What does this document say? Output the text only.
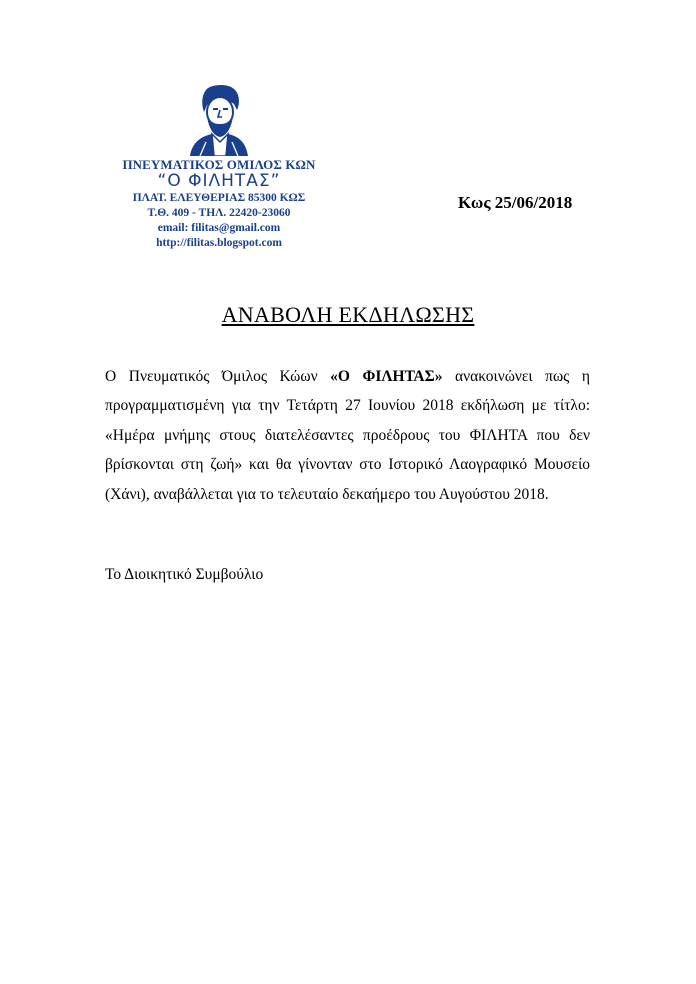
ΠΝΕΥΜΑΤΙΚΟΣ ΟΜΙΛΟΣ ΚΩΝ
“Ο ΦΙΛΗΤΑΣ”
ΠΛΑΤ. ΕΛΕΥΘΕΡΙΑΣ 85300 ΚΩΣ
Τ.Θ. 409 - ΤΗΛ. 22420-23060
email: filitas@gmail.com
http://filitas.blogspot.com
Κως 25/06/2018
ΑΝΑΒΟΛΗ ΕΚΔΗΛΩΣΗΣ
Ο Πνευματικός Όμιλος Κώων «Ο ΦΙΛΗΤΑΣ» ανακοινώνει πως η προγραμματισμένη για την Τετάρτη 27 Ιουνίου 2018 εκδήλωση με τίτλο: «Ημέρα μνήμης στους διατελέσαντες προέδρους του ΦΙΛΗΤΑ που δεν βρίσκονται στη ζωή» και θα γίνονταν στο Ιστορικό Λαογραφικό Μουσείο (Χάνι), αναβάλλεται για το τελευταίο δεκαήμερο του Αυγούστου 2018.
Το Διοικητικό Συμβούλιο
